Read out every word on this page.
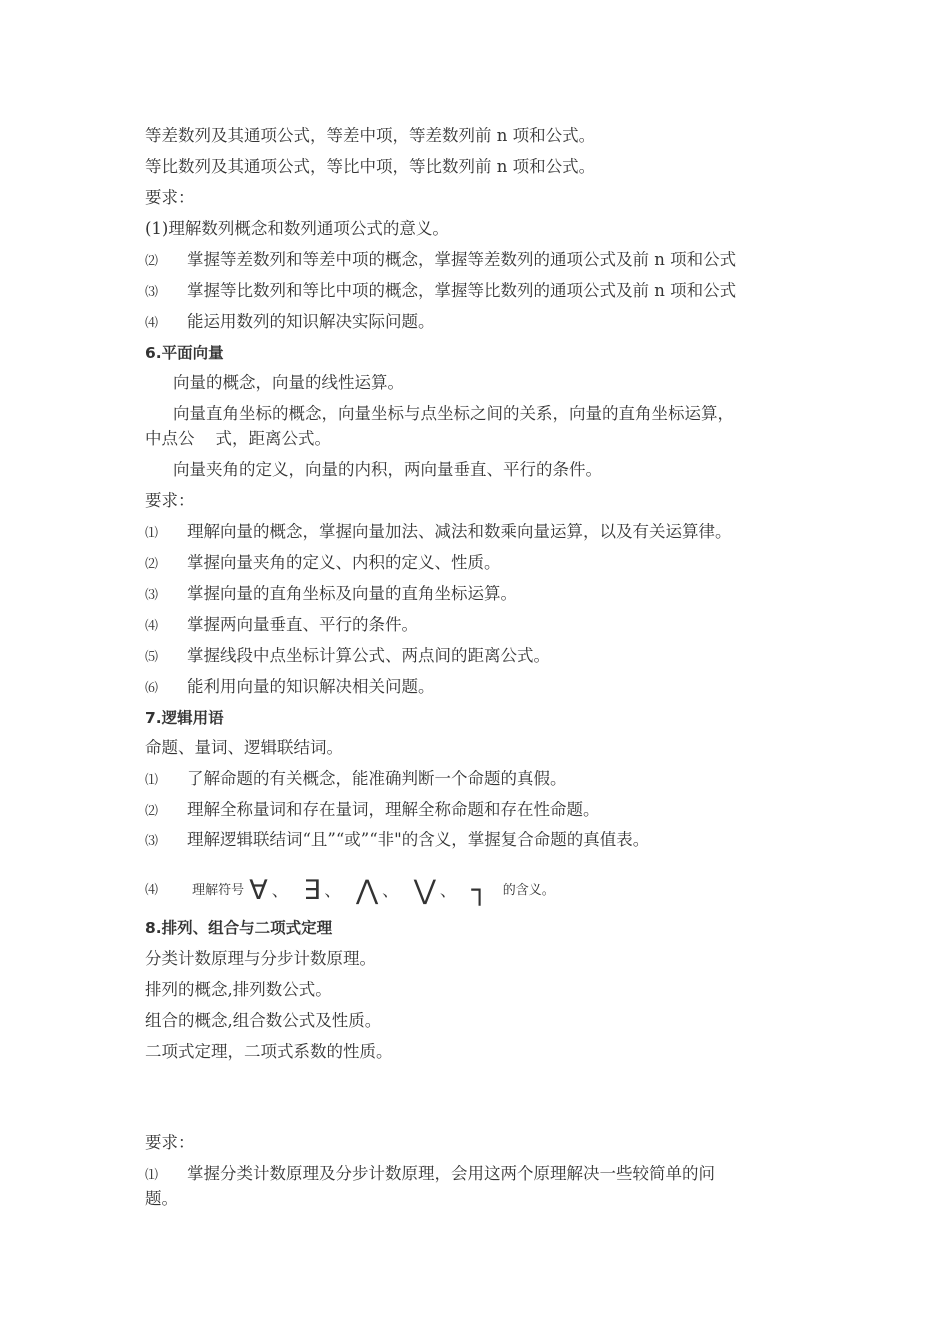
等差数列及其通项公式，等差中项，等差数列前 n 项和公式。
等比数列及其通项公式，等比中项，等比数列前 n 项和公式。
要求：
(1)理解数列概念和数列通项公式的意义。
⑵ 掌握等差数列和等差中项的概念，掌握等差数列的通项公式及前 n 项和公式
⑶ 掌握等比数列和等比中项的概念，掌握等比数列的通项公式及前 n 项和公式
⑷ 能运用数列的知识解决实际问题。
6.平面向量
向量的概念，向量的线性运算。
向量直角坐标的概念，向量坐标与点坐标之间的关系，向量的直角坐标运算，
中点公    式，距离公式。
向量夹角的定义，向量的内积，两向量垂直、平行的条件。
要求：
⑴ 理解向量的概念，掌握向量加法、减法和数乘向量运算，以及有关运算律。
⑵ 掌握向量夹角的定义、内积的定义、性质。
⑶ 掌握向量的直角坐标及向量的直角坐标运算。
⑷ 掌握两向量垂直、平行的条件。
⑸ 掌握线段中点坐标计算公式、两点间的距离公式。
⑹ 能利用向量的知识解决相关问题。
7.逻辑用语
命题、量词、逻辑联结词。
⑴ 了解命题的有关概念，能准确判断一个命题的真假。
⑵ 理解全称量词和存在量词，理解全称命题和存在性命题。
⑶ 理解逻辑联结词“且”“或”“非"的含义，掌握复合命题的真值表。
⑷	理解符号 ∀ 、 ∃ 、 ⋀ 、 ⋁ 、 ┐ 的含义。
8.排列、组合与二项式定理
分类计数原理与分步计数原理。
排列的概念,排列数公式。
组合的概念,组合数公式及性质。
二项式定理，二项式系数的性质。
要求：
⑴ 掌握分类计数原理及分步计数原理，会用这两个原理解决一些较简单的问
题。
